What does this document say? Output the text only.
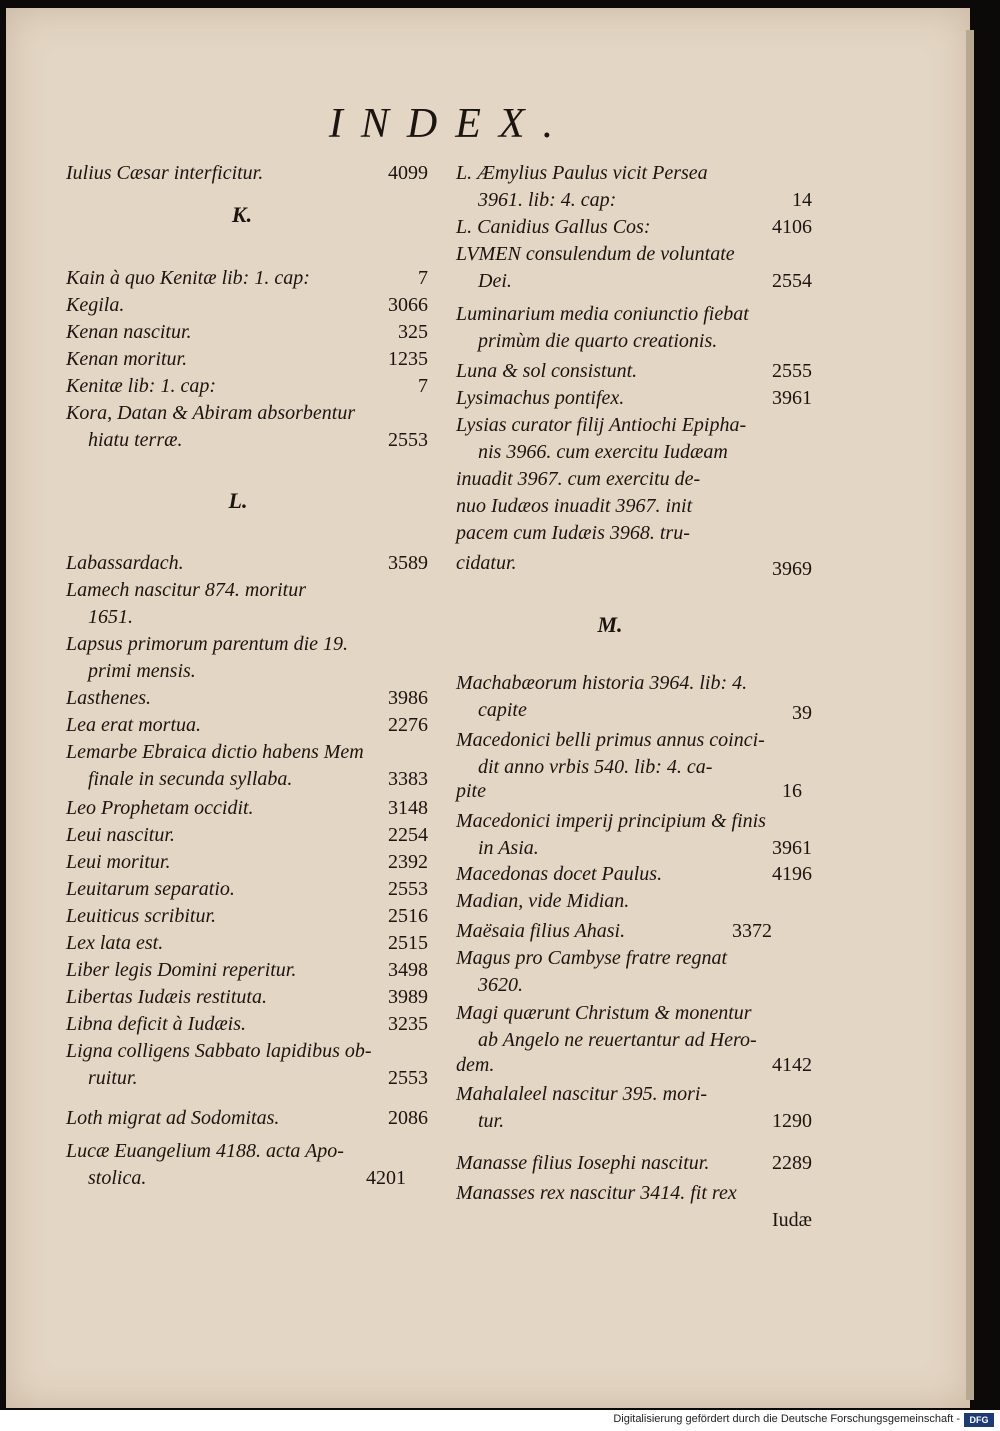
INDEX.
Iulius Cæsar interficitur.	4099
K.
Kain à quo Kenitæ lib: 1. cap:	7
Kegila.	3066
Kenan nascitur.	325
Kenan moritur.	1235
Kenitæ lib: 1. cap:	7
Kora, Datan & Abiram absorbentur
hiatu terræ.	2553
L.
Labassardach.	3589
Lamech nascitur 874. moritur
1651.
Lapsus primorum parentum die 19.
primi mensis.
Lasthenes.	3986
Lea erat mortua.	2276
Lemarbe Ebraica dictio habens Mem
finale in secunda syllaba.	3383
Leo Prophetam occidit.	3148
Leui nascitur.	2254
Leui moritur.	2392
Leuitarum separatio.	2553
Leuiticus scribitur.	2516
Lex lata est.	2515
Liber legis Domini reperitur.	3498
Libertas Iudæis restituta.	3989
Libna deficit à Iudæis.	3235
Ligna colligens Sabbato lapidibus ob-
ruitur.	2553
Loth migrat ad Sodomitas.	2086
Lucæ Euangelium 4188. acta Apo-
stolica.	4201
L. Æmylius Paulus vicit Persea
3961. lib: 4. cap:	14
L. Canidius Gallus Cos:	4106
LVMEN consulendum de voluntate
Dei.	2554
Luminarium media coniunctio fiebat
primùm die quarto creationis.
Luna & sol consistunt.	2555
Lysimachus pontifex.	3961
Lysias curator filij Antiochi Epipha-
nis 3966. cum exercitu Iudæam
inuadit 3967. cum exercitu de-
nuo Iudæos inuadit 3967. init
pacem cum Iudæis 3968. tru-
cidatur.	3969
M.
Machabæorum historia 3964. lib: 4.
capite	39
Macedonici belli primus annus coinci-
dit anno vrbis 540. lib: 4. ca-
pite	16
Macedonici imperij principium & finis
in Asia.	3961
Macedonas docet Paulus.	4196
Madian, vide Midian.
Maësaia filius Ahasi.	3372
Magus pro Cambyse fratre regnat
3620.
Magi quærunt Christum & monentur
ab Angelo ne reuertantur ad Hero-
dem.	4142
Mahalaleel nascitur 395. mori-
tur.	1290
Manasse filius Iosephi nascitur.	2289
Manasses rex nascitur 3414. fit rex
Iudæ
Digitalisierung gefördert durch die Deutsche Forschungsgemeinschaft -	DFG
